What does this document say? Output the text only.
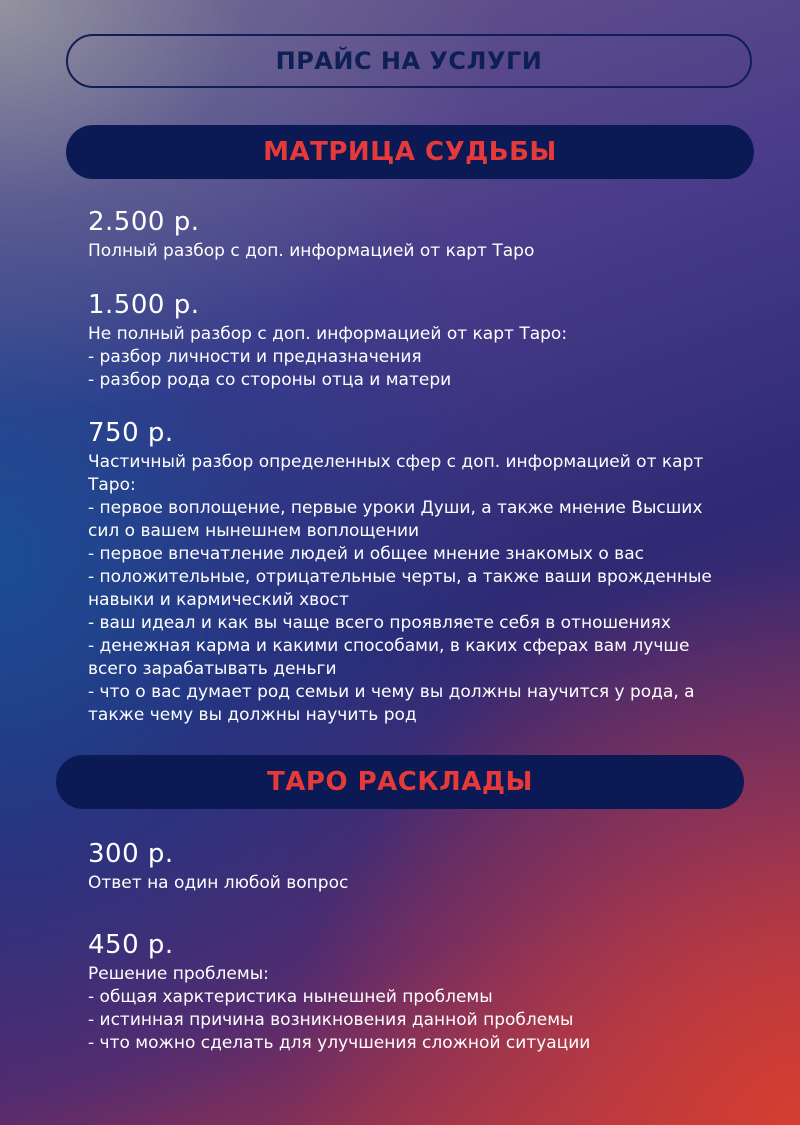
ПРАЙС НА УСЛУГИ
МАТРИЦА СУДЬБЫ
2.500 р.
Полный разбор с доп. информацией от карт Таро
1.500 р.
Не полный разбор с доп. информацией от карт Таро:
- разбор личности и предназначения
- разбор рода со стороны отца и матери
750 р.
Частичный разбор определенных сфер с доп. информацией от карт Таро:
- первое воплощение, первые уроки Души, а также мнение Высших сил о вашем нынешнем воплощении
- первое впечатление людей и общее мнение знакомых о вас
- положительные, отрицательные черты, а также ваши врожденные навыки и кармический хвост
- ваш идеал и как вы чаще всего проявляете себя в отношениях
- денежная карма и какими способами, в каких сферах вам лучше всего зарабатывать деньги
- что о вас думает род семьи и чему вы должны научится у рода, а также чему вы должны научить род
ТАРО РАСКЛАДЫ
300 р.
Ответ на один любой вопрос
450 р.
Решение проблемы:
- общая харктеристика нынешней проблемы
- истинная причина возникновения данной проблемы
- что можно сделать для улучшения сложной ситуации
